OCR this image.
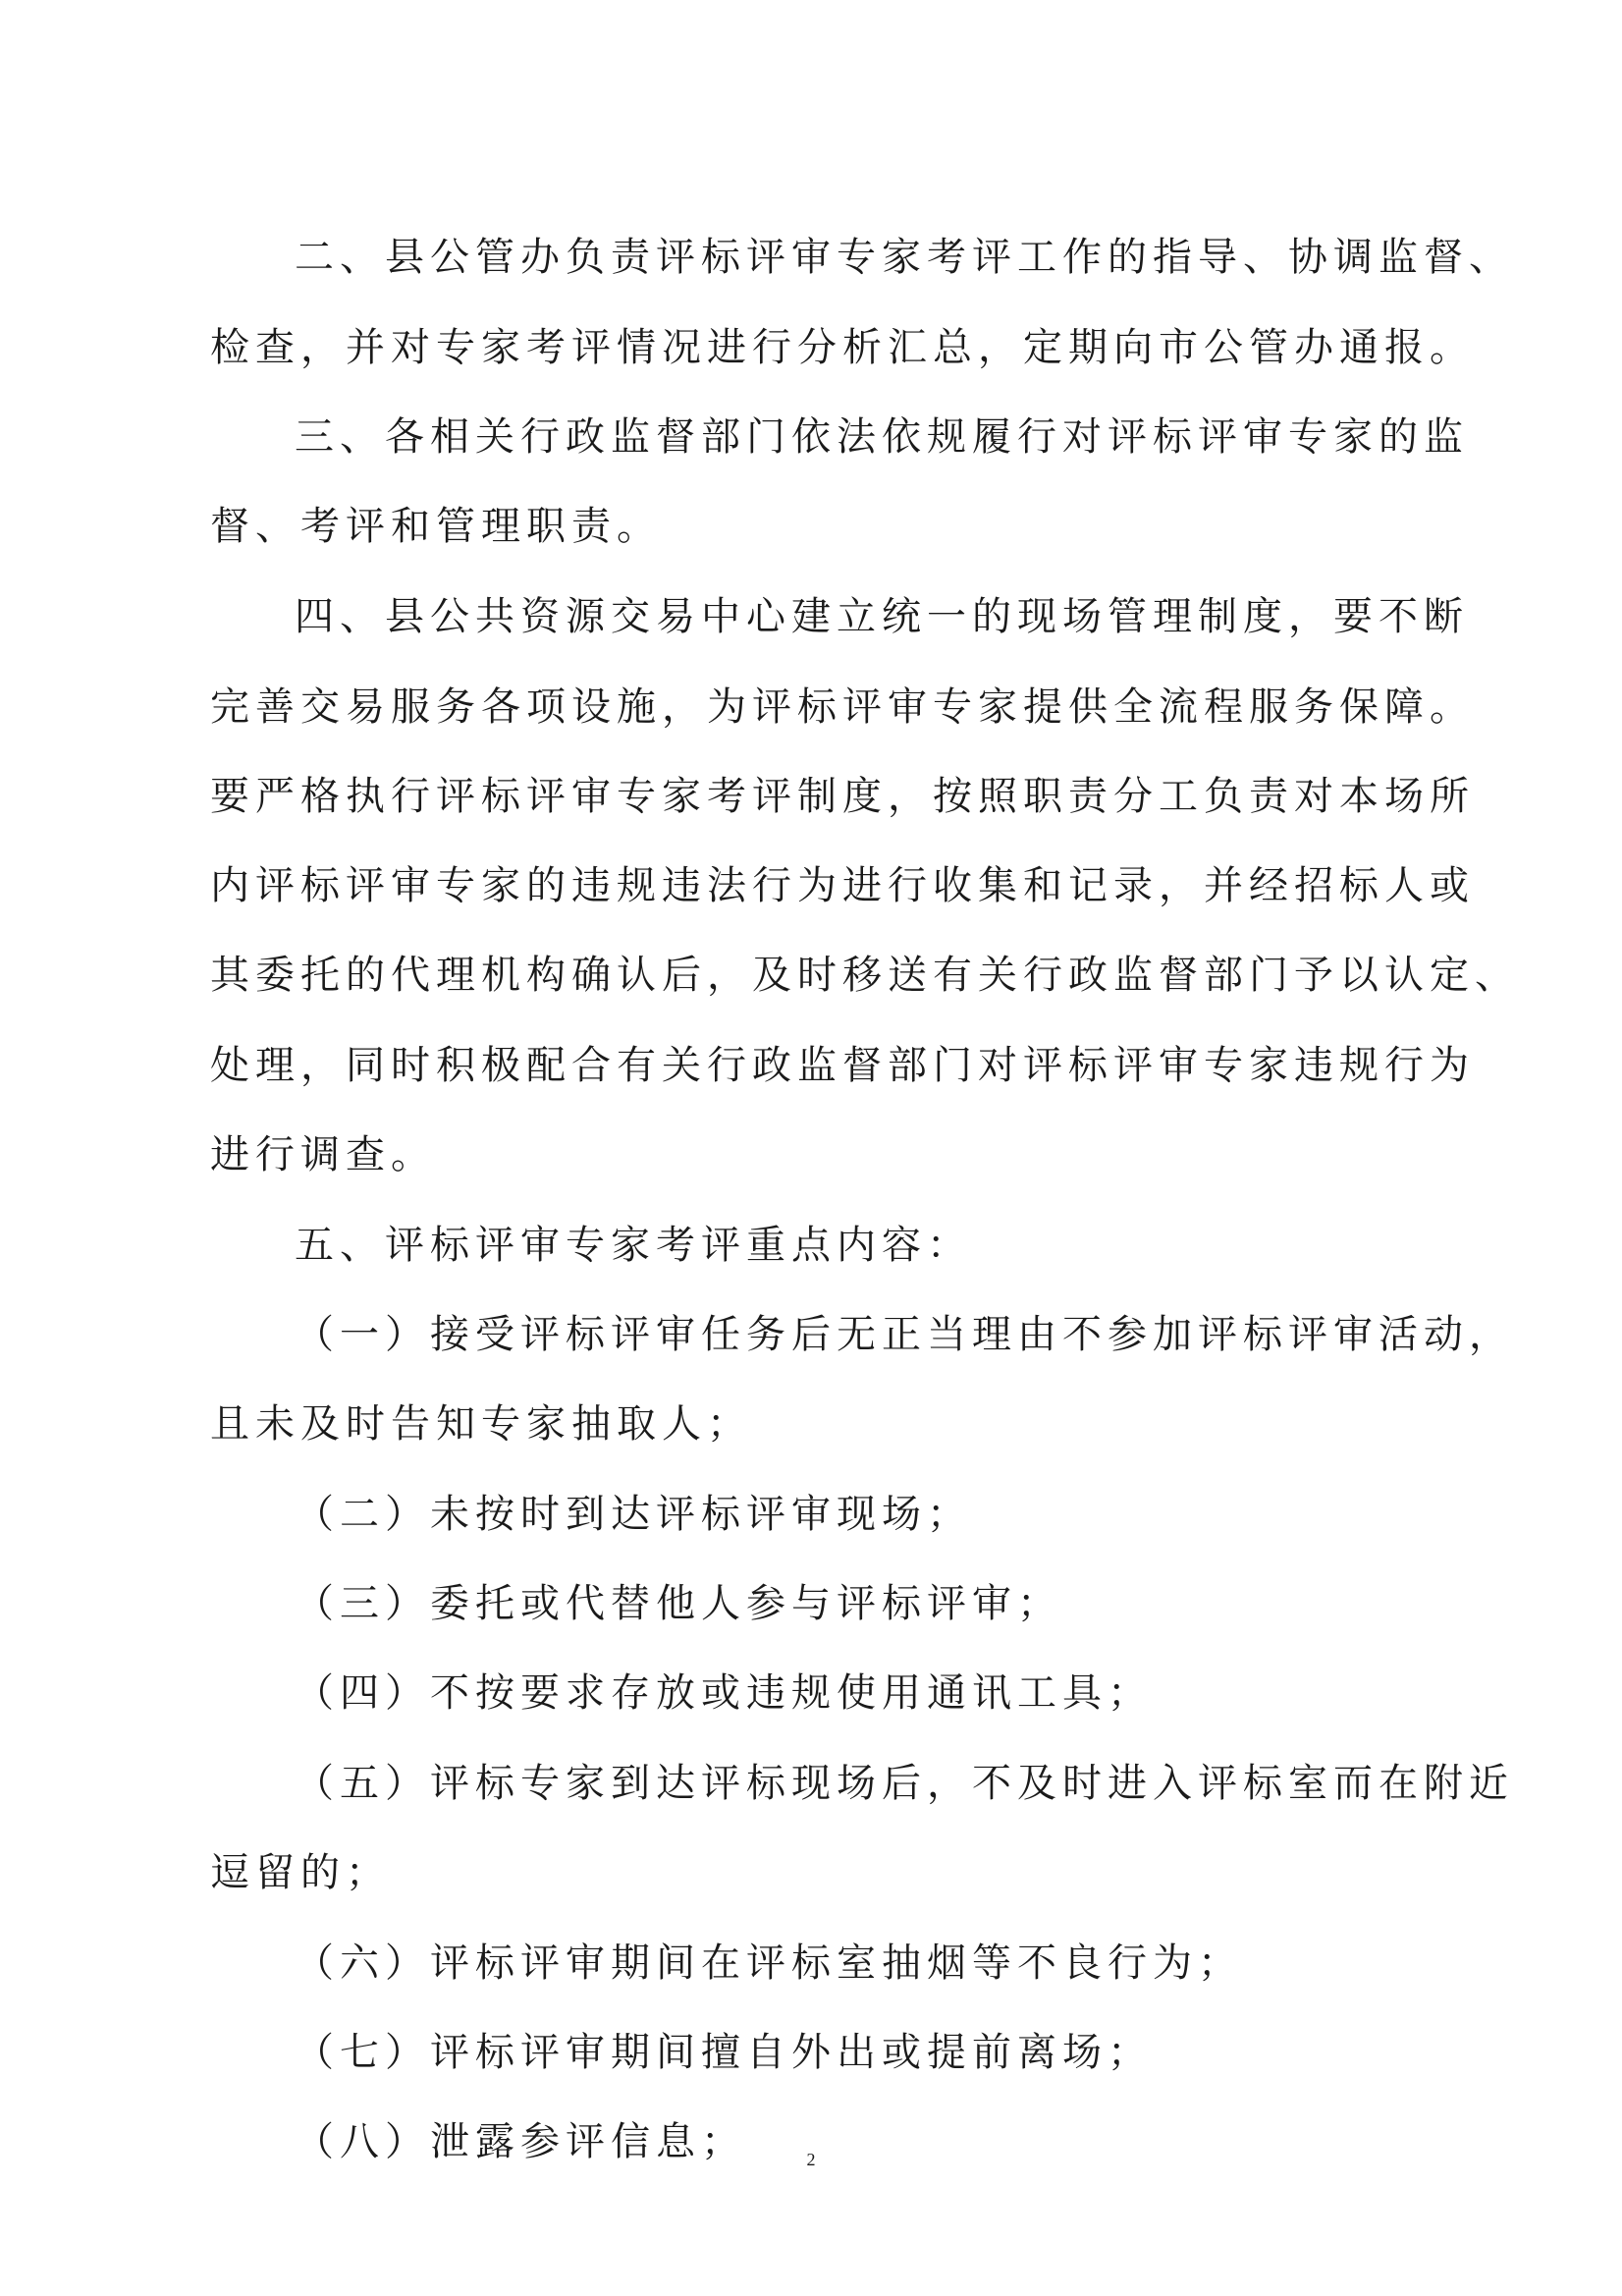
二、县公管办负责评标评审专家考评工作的指导、协调监督、
检查，并对专家考评情况进行分析汇总，定期向市公管办通报。
三、各相关行政监督部门依法依规履行对评标评审专家的监
督、考评和管理职责。
四、县公共资源交易中心建立统一的现场管理制度，要不断
完善交易服务各项设施，为评标评审专家提供全流程服务保障。
要严格执行评标评审专家考评制度，按照职责分工负责对本场所
内评标评审专家的违规违法行为进行收集和记录，并经招标人或
其委托的代理机构确认后，及时移送有关行政监督部门予以认定、
处理，同时积极配合有关行政监督部门对评标评审专家违规行为
进行调查。
五、评标评审专家考评重点内容：
（一）接受评标评审任务后无正当理由不参加评标评审活动，
且未及时告知专家抽取人；
（二）未按时到达评标评审现场；
（三）委托或代替他人参与评标评审；
（四）不按要求存放或违规使用通讯工具；
（五）评标专家到达评标现场后，不及时进入评标室而在附近
逗留的；
（六）评标评审期间在评标室抽烟等不良行为；
（七）评标评审期间擅自外出或提前离场；
（八）泄露参评信息；	2
